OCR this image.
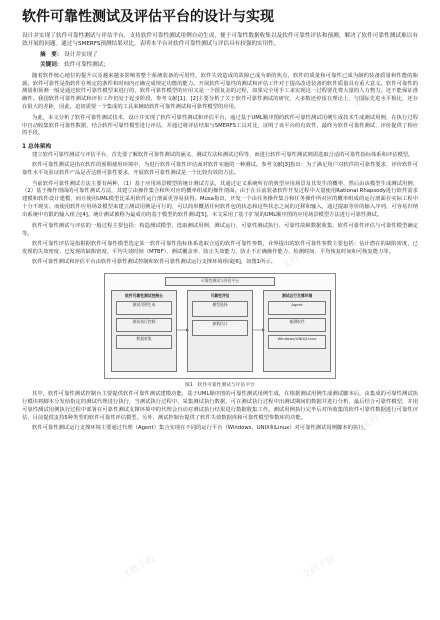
软件可靠性测试及评估平台的设计与实现

设计并实现了软件可靠性测试与评估平台，支持软件可靠性测试用例自动生成，便于可靠性数据收集以及软件可靠性评估和预测，解决了软件可靠性测试难以有效开展的问题。通过与SMERFS预测结果对比，表明本平台对软件可靠性测试与评估具有较强的实用性。

摘　要： 设计并实现了
关键词： 软件可靠性测试；

随着软件核心地位的提升以及越来越多影响着整个系统装备的可用性，软件失效造成的故障已成为新的焦点，软件的质量和可靠性已成为制约装备质量和性能的瓶颈。软件可靠性是指软件在规定的条件和时间内正确完成规定功能的能力。开展软件可靠性的测试和评估工作对于提高改进装备的软件质量具有重大意义。软件可靠性的测量和预测一般是通过软件可靠性模型来进行的，软件可靠性模型的应用又是一个很复杂的过程，如果完全用手工来实现这一过程要花费大量的人力物力，还不能保证准确性。我国软件可靠性测试和评价工作仍处于起步阶段，参考文献[1]、[2]主要分析了关于软件可靠性测试的研究，大多数还停留在理论上，与国际先进水平相比，还存在很大的差距，因此，迫切需要一个集成的工具来辅助软件可靠性测试和可靠性模型的应用。

为此，本文分析了软件可靠性测试技术，设计并实现了软件可靠性测试和评估平台，通过基于UML顺序图的软件可靠性测试用例生成技术生成测试用例，在执行过程中自动收集软件可靠性数据，结合软件可靠性模型进行评估，并通过将评估结果与SMERFS工具对比，证明了该平台的有效性，最终为软件可靠性测试、评价提供了相应的手段。

1 总体架构

建立软件可靠性测试与评估平台，首先要了解软件可靠性测试的涵义、测试方法和测试过程等，而进行软件可靠性测试则需选取合适的可靠性指标体系和评估模型。

软件可靠性测试是指在软件的预期使用环境中，为进行软件可靠性评估而对软件实施的一种测试。参考文献[3]指出：为了满足用户对软件的可靠性要求，评价软件可靠性水平及验证软件产品是否达到可靠性要求，开展软件可靠性测试是一个比较有效的方法。

当前软件可靠性测试方法主要有两种，（1）基于应用场景模型的统计测试方法，其通过定义系统所有的典型应用场景及其发生的概率，然后由该模型生成测试用例；（2）基于操作剖面的可靠性测试方法，其建立由操作集合和所对应的概率组成的操作剖面。由于在目前装备软件开发过程中大量使用Rational Rhapsody进行软件需求建模和软件设计建模，而且使用UML模型比采用软件运行剖面更容易获得。Musa指出，开发一个由任务操作集合和任务操作所对应的概率组成的运行剖面在实际工程中十分不现实。而使用软件应用场景模型来建立测试用例是可行的，可以简单概括任何软件包的状态和这些状态之间的迁移和输入，通过提取等价的输入序列，可容易归纳出系统中有限的输入组合[4]。统计测试被称为最成功的基于模型的软件测试[5]。本文采用了基于扩展的UML顺序图的应用场景模型方法进行可靠性测试。

软件可靠性测试与评估的一般过程主要包括：构造测试模型、选取测试用例、测试运行、可靠性测试执行、可靠性故障数据收集、软件可靠性评估与可靠性模型确定等。

软件可靠性评估是指根据软件可靠性模型选定某一软件可靠性指标体系选取合适的软件可靠性参数，业界提出的软件可靠性参数主要包括：估计潜在的缺陷密度，已发现的失效密度、已发现的缺陷密度、平均失效时间（MTBF）、测试覆盖率、防止失效能力、防止不正确操作能力、检测时间、平均恢复时间和可恢复能力等。

软件可靠性测试和评估平台由软件可靠性测试控制和软件可靠性测试运行支撑环境组成[6]，如图1所示。

可靠性测试与评估平台
软件可靠性测试控制台
测试用例生成
测试执行控制
数据收集
可靠性评估
模型选择
参数估计
测试运行支撑环境
Agent
被测软件
Windows/UNIX/Linux
图1　软件可靠性测试与评估平台

其中，软件可靠性测试控制台主要提供软件可靠性测试建模功能，基于UML顺序图的可靠性测试用例生成，在根据测试用例生成测试脚本后，由集成的可靠性测试执行模块将脚本分发给指定的测试代理进行执行，当测试执行过程中，采集测试执行数据，可在测试执行过程中出测试期间的数据并进行分析，最后结合可靠性模型，并用可靠性测试用例执行过程中部署在可靠性测试支撑环境中的代理会自动对测试执行结果进行数据收集工作。测试用例执行完毕后对所收集的软件可靠性数据进行可靠性评估，目前提供支持5种类型的软件可靠性评估模型。另外，测试控制台提供了软件失效数据库和可靠性模型参数库的功能。

软件可靠性测试运行支撑环境主要通过代理（Agent）集合实现在不同的运行平台（Windows、UNIX和Linux）对可靠性测试用例脚本的执行。

文档下载	文档下载	文档下载
文档下载	文档下载
文档下载	文档下载	文档下载
文档下载	文档下载
